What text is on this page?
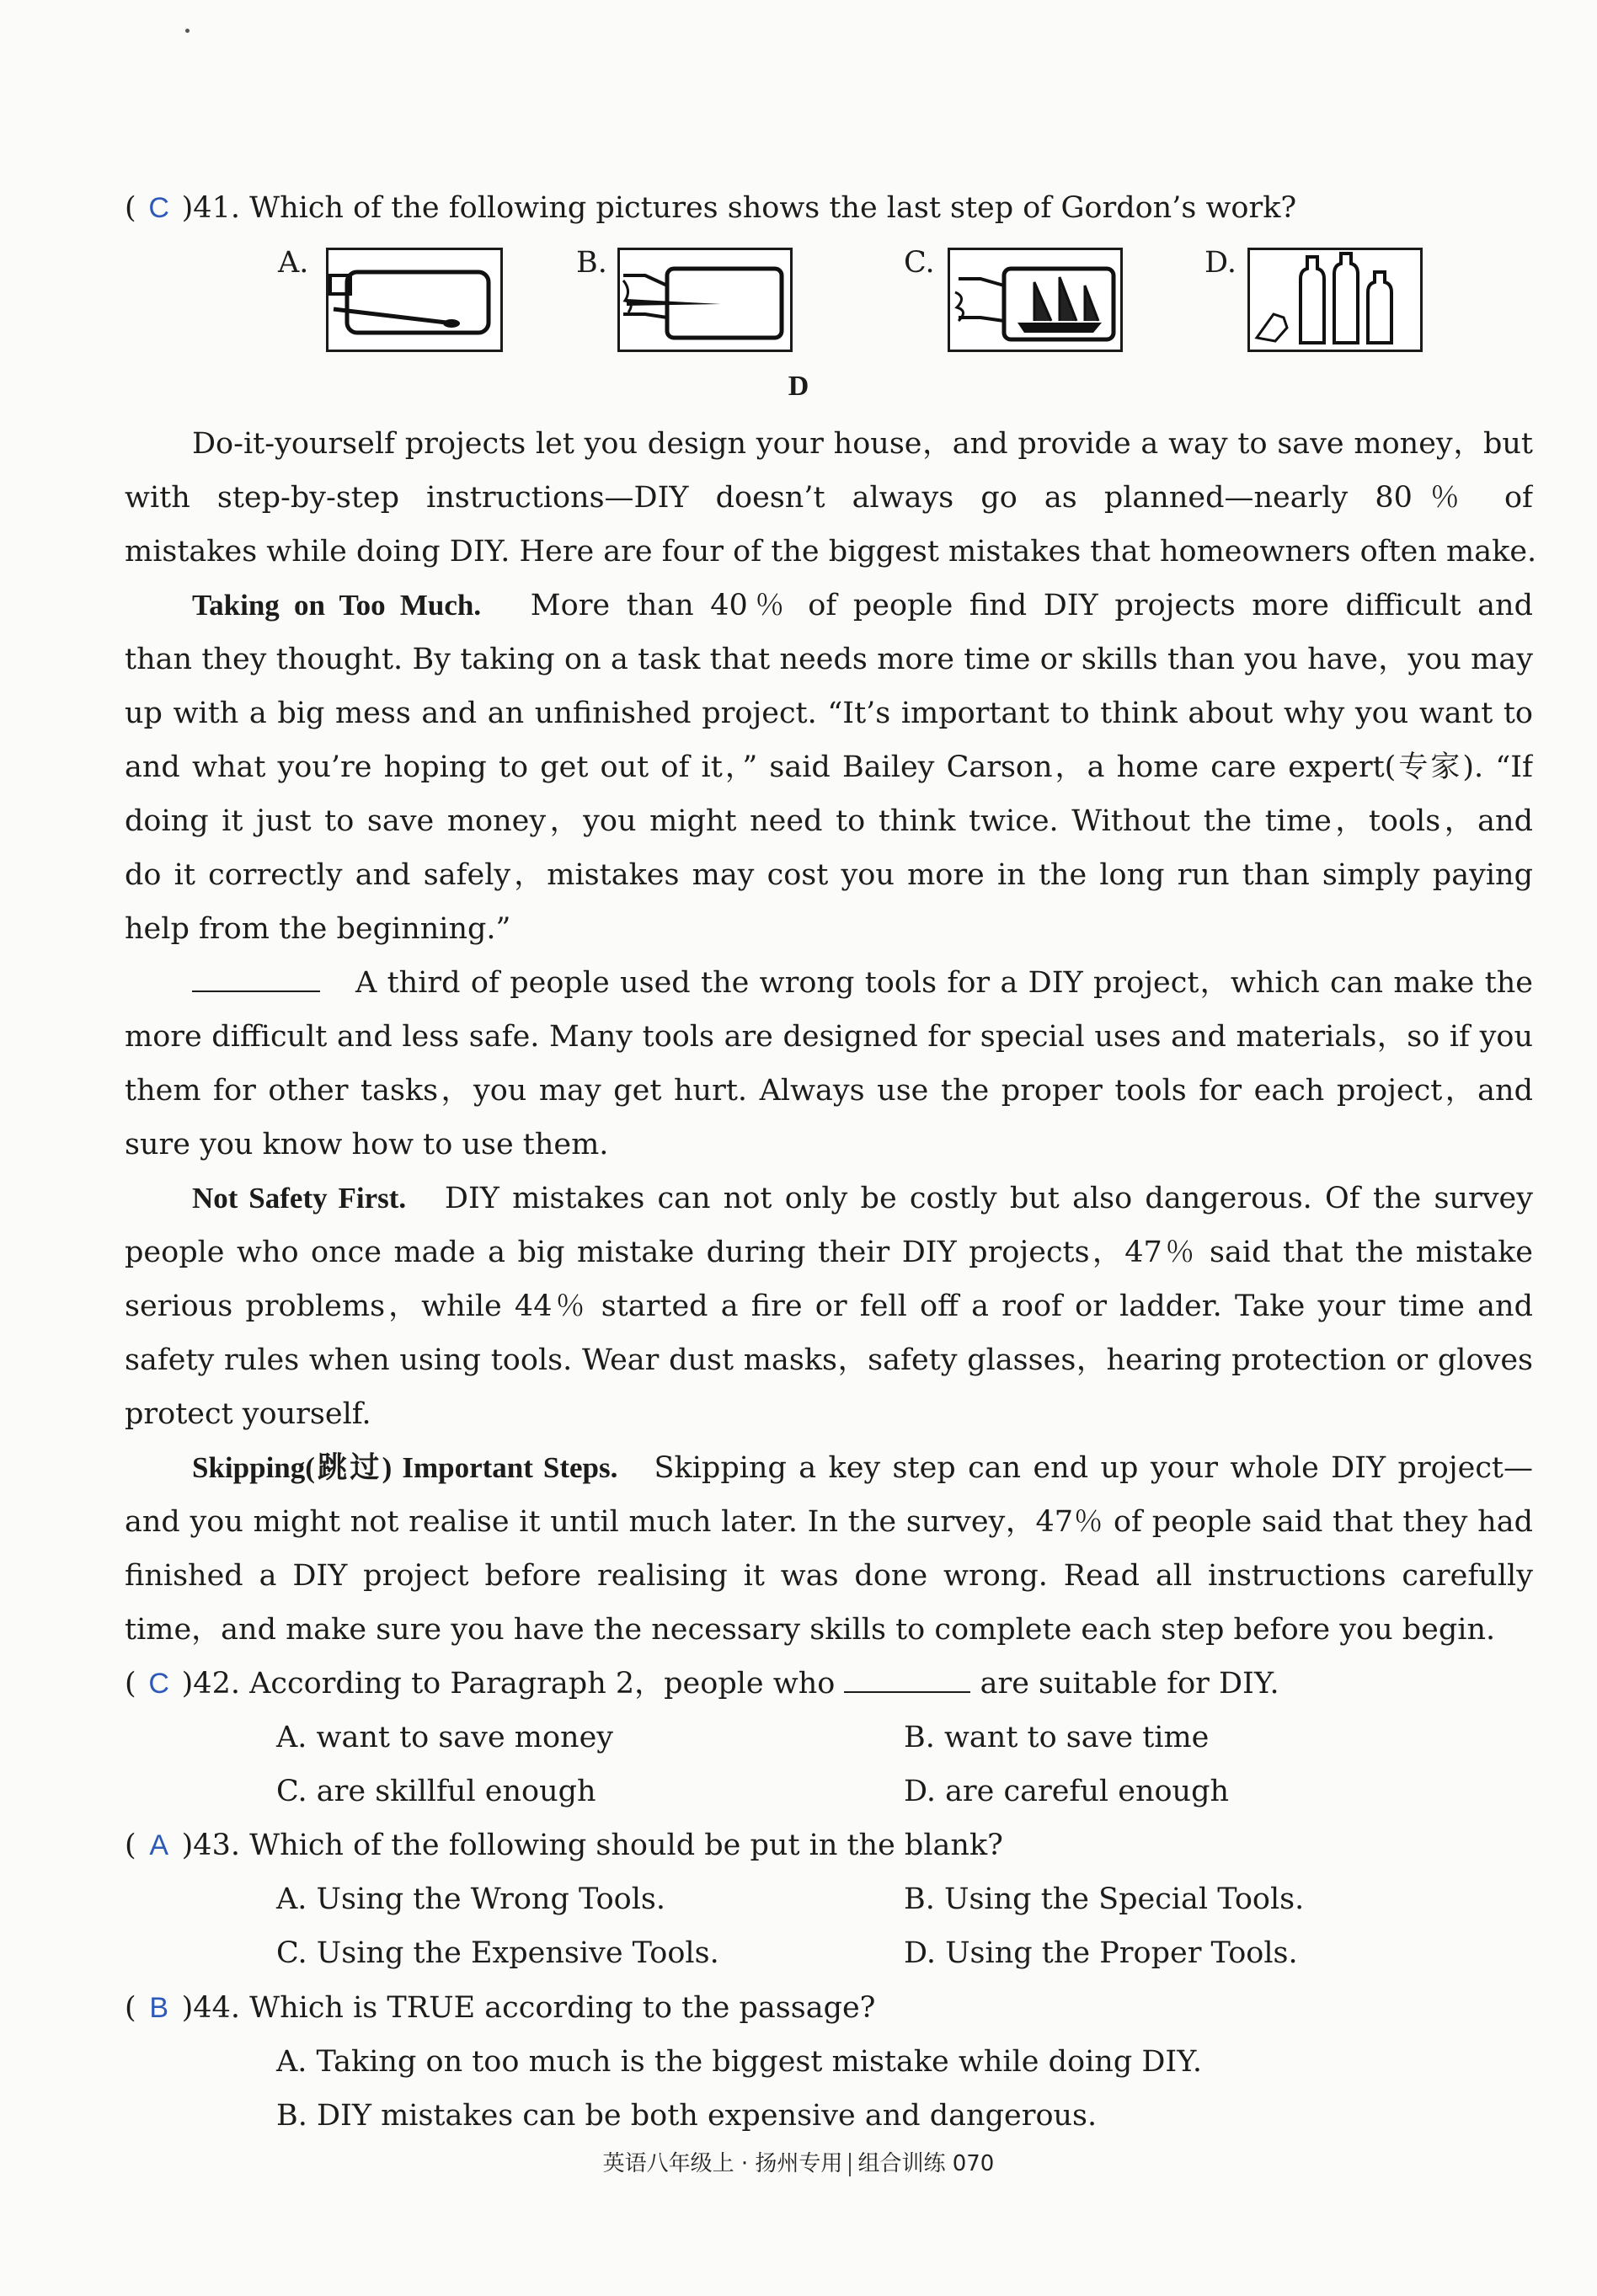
( C )41. Which of the following pictures shows the last step of Gordon’s work?
A.	B.	C.	D.
D
Do-it-yourself projects let you design your house，and provide a way to save money，but
with step-by-step instructions—DIY doesn’t always go as planned—nearly 80％ of
mistakes while doing DIY. Here are four of the biggest mistakes that homeowners often make.
Taking on Too Much. More than 40％ of people find DIY projects more difficult and
than they thought. By taking on a task that needs more time or skills than you have，you may
up with a big mess and an unfinished project. “It’s important to think about why you want to
and what you’re hoping to get out of it，” said Bailey Carson，a home care expert(专家). “If
doing it just to save money，you might need to think twice. Without the time，tools，and
do it correctly and safely，mistakes may cost you more in the long run than simply paying
help from the beginning.”
A third of people used the wrong tools for a DIY project，which can make the
more difficult and less safe. Many tools are designed for special uses and materials，so if you
them for other tasks，you may get hurt. Always use the proper tools for each project，and
sure you know how to use them.
Not Safety First. DIY mistakes can not only be costly but also dangerous. Of the survey
people who once made a big mistake during their DIY projects，47％ said that the mistake
serious problems，while 44％ started a fire or fell off a roof or ladder. Take your time and
safety rules when using tools. Wear dust masks，safety glasses，hearing protection or gloves
protect yourself.
Skipping(跳过) Important Steps. Skipping a key step can end up your whole DIY project—
and you might not realise it until much later. In the survey，47％ of people said that they had
finished a DIY project before realising it was done wrong. Read all instructions carefully
time，and make sure you have the necessary skills to complete each step before you begin.
( C )42. According to Paragraph 2，people who	are suitable for DIY.
A. want to save money	B. want to save time
C. are skillful enough	D. are careful enough
( A )43. Which of the following should be put in the blank?
A. Using the Wrong Tools.	B. Using the Special Tools.
C. Using the Expensive Tools.	D. Using the Proper Tools.
( B )44. Which is TRUE according to the passage?
A. Taking on too much is the biggest mistake while doing DIY.
B. DIY mistakes can be both expensive and dangerous.
英语八年级上 · 扬州专用 组合训练 070
